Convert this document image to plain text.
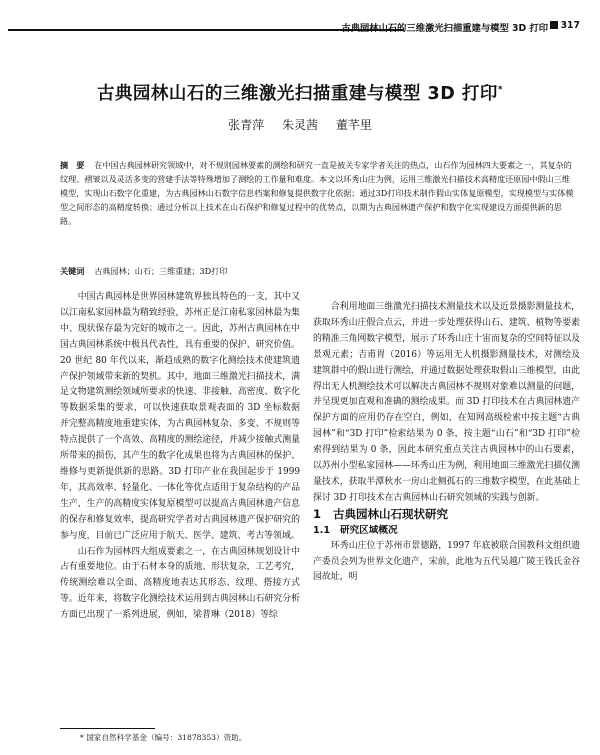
古典园林山石的三维激光扫描重建与模型 3D 打印 317
古典园林山石的三维激光扫描重建与模型 3D 打印*
张青萍 朱灵茜 董芊里
摘　要 在中国古典园林研究领域中，对不规则园林要素的测绘和研究一直是被关专家学者关注的热点，山石作为园林四大要素之一，其复杂的纹理、褶皱以及灵活多变的营建手法等特殊增加了测绘的工作量和难度。本文以环秀山庄为例，运用三维激光扫描技术高精度还原园中假山三维模型，实现山石数字化重建，为古典园林山石数字信息档案和修复提供数字化依据；通过3D打印技术制作假山实体复原模型，实现模型与实体模型之间形态的高精度转换；通过分析以上技术在山石保护和修复过程中的优势点，以期为古典园林遗产保护和数字化实现建设方面提供新的思路。
关键词 古典园林；山石；三维重建；3D打印

中国古典园林是世界园林建筑界独具特色的一支，其中又以江南私家园林最为精致经验，苏州正是江南私家园林最为集中、现状保存最为完好的城市之一。因此，苏州古典园林在中国古典园林系统中极具代表性，具有重要的保护、研究价值。20 世纪 80 年代以来，渐趋成熟的数字化测绘技术使建筑遗产保护领域带来新的契机。其中，地面三维激光扫描技术，满足文物建筑测绘领域所要求的快速、非接触、高密度、数字化等数据采集的要求，可以快速获取景观表面的 3D 坐标数据并完整高精度地重建实体，为古典园林复杂、多变、不规则等特点提供了一个高效、高精度的测绘途径，并减少接触式测量所带来的损伤，其产生的数字化成果也将为古典园林的保护、维修与更新提供新的思路。3D 打印产业在我国起步于 1999 年，其高效率、轻量化、一体化等优点适用于复杂结构的产品生产，生产的高精度实体复原模型可以提高古典园林遗产信息的保存和修复效率，提高研究学者对古典园林遗产保护研究的参与度，目前已广泛应用于航天、医学、建筑、考古等领域。

山石作为园林四大组成要素之一，在古典园林规划设计中占有重要地位。由于石材本身的质地、形状复杂，工艺考究，传统测绘难以全面、高精度地表达其形态、纹理、搭接方式等。近年来，将数字化测绘技术运用到古典园林山石研究分析方面已出现了一系列进展，例如，梁普琳（2018）等综

合利用地面三维激光扫描技术测量技术以及近景摄影测量技术，获取环秀山庄假合点云，并进一步处理获得山石、建筑、植物等要素的精准三角网数字模型，展示了环秀山庄十宙而复杂的空间特征以及景观元素；吉甫胃（2016）等运用无人机摄影测量技术，对测绘及建筑群中的假山进行测绘，并通过数据处理获取假山三维模型，由此得出无人机测绘技术可以解决古典园林不规则对象难以测量的问题，并呈现更加直观和准确的测绘成果。而 3D 打印技术在古典园林遗产保护方面的应用仍存在空白，例如，在知网高级检索中按主题“古典园林”和“3D 打印”检索结果为 0 条，按主题“山石”和“3D 打印”检索得到结果为 0 条，因此本研究重点关注古典园林中的山石要素，以苏州小型私家园林——环秀山庄为例，利用地面三维激光扫描仪测量技术，获取半潭秋水一房山北侧孤石的三维数字模型，在此基础上探讨 3D 打印技术在古典园林山石研究领域的实践与创新。

1 古典园林山石现状研究

1.1 研究区域概况

环秀山庄位于苏州市景德路，1997 年底被联合国教科文组织遗产委员会列为世界文化遗产，宋前，此地为五代吴越广陵王钱氏金谷园故址，明

* 国家自然科学基金（编号：31878353）资助。
